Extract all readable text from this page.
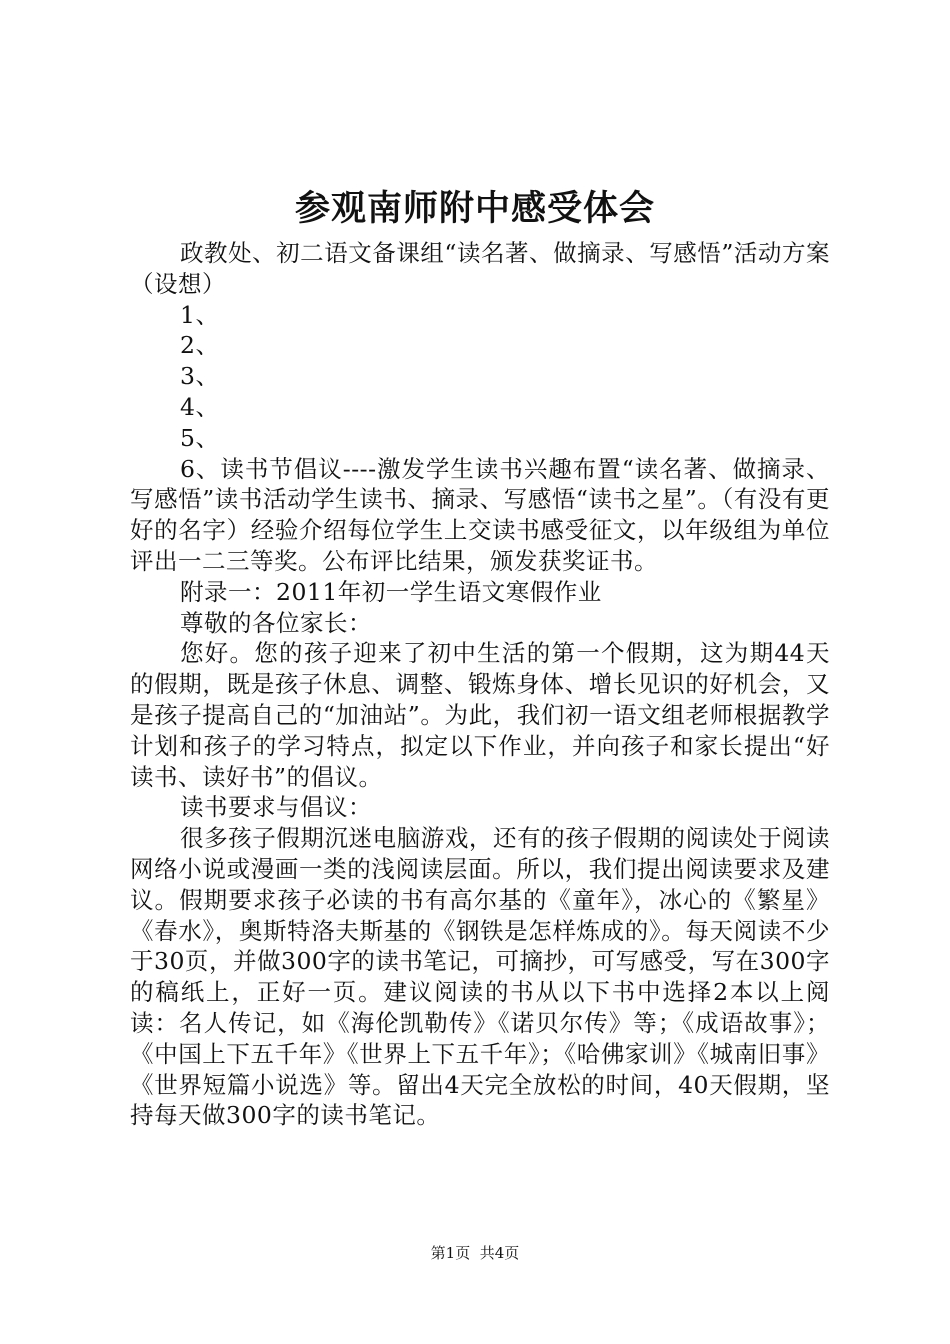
参观南师附中感受体会

政教处、初二语文备课组“读名著、做摘录、写感悟”活动方案（设想）

1、

2、

3、

4、

5、

6、读书节倡议----激发学生读书兴趣布置“读名著、做摘录、写感悟”读书活动学生读书、摘录、写感悟“读书之星”。（有没有更好的名字）经验介绍每位学生上交读书感受征文，以年级组为单位评出一二三等奖。公布评比结果，颁发获奖证书。

附录一：2011年初一学生语文寒假作业

尊敬的各位家长：

您好。您的孩子迎来了初中生活的第一个假期，这为期44天的假期，既是孩子休息、调整、锻炼身体、增长见识的好机会，又是孩子提高自己的“加油站”。为此，我们初一语文组老师根据教学计划和孩子的学习特点，拟定以下作业，并向孩子和家长提出“好读书、读好书”的倡议。

读书要求与倡议：

很多孩子假期沉迷电脑游戏，还有的孩子假期的阅读处于阅读网络小说或漫画一类的浅阅读层面。所以，我们提出阅读要求及建议。假期要求孩子必读的书有高尔基的《童年》，冰心的《繁星》《春水》，奥斯特洛夫斯基的《钢铁是怎样炼成的》。每天阅读不少于30页，并做300字的读书笔记，可摘抄，可写感受，写在300字的稿纸上，正好一页。建议阅读的书从以下书中选择2本以上阅读：名人传记，如《海伦凯勒传》《诺贝尔传》等；《成语故事》；《中国上下五千年》《世界上下五千年》；《哈佛家训》《城南旧事》《世界短篇小说选》等。留出4天完全放松的时间，40天假期，坚持每天做300字的读书笔记。

第1页 共4页
